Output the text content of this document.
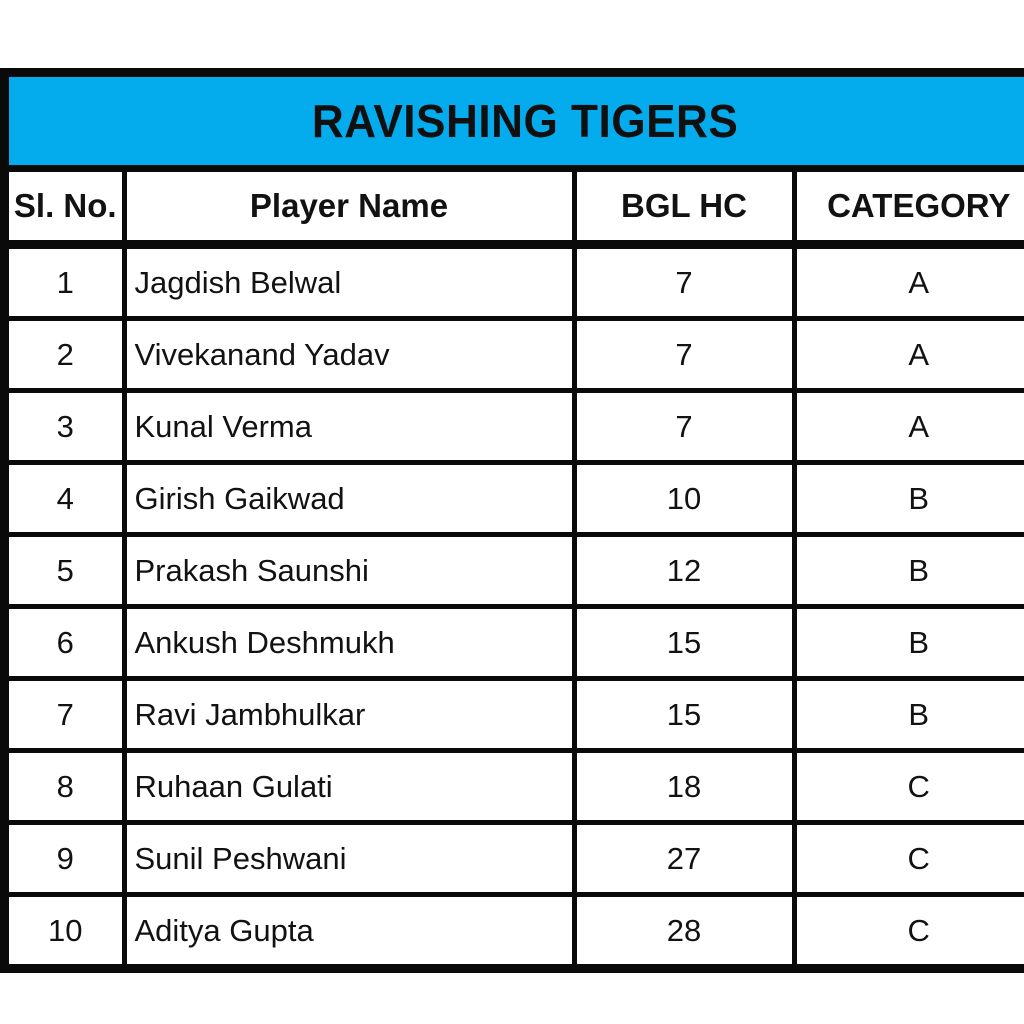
RAVISHING TIGERS
Sl. No.	Player Name	BGL HC	CATEGORY
1	Jagdish Belwal	7	A
2	Vivekanand Yadav	7	A
3	Kunal Verma	7	A
4	Girish Gaikwad	10	B
5	Prakash Saunshi	12	B
6	Ankush Deshmukh	15	B
7	Ravi Jambhulkar	15	B
8	Ruhaan Gulati	18	C
9	Sunil Peshwani	27	C
10	Aditya Gupta	28	C
